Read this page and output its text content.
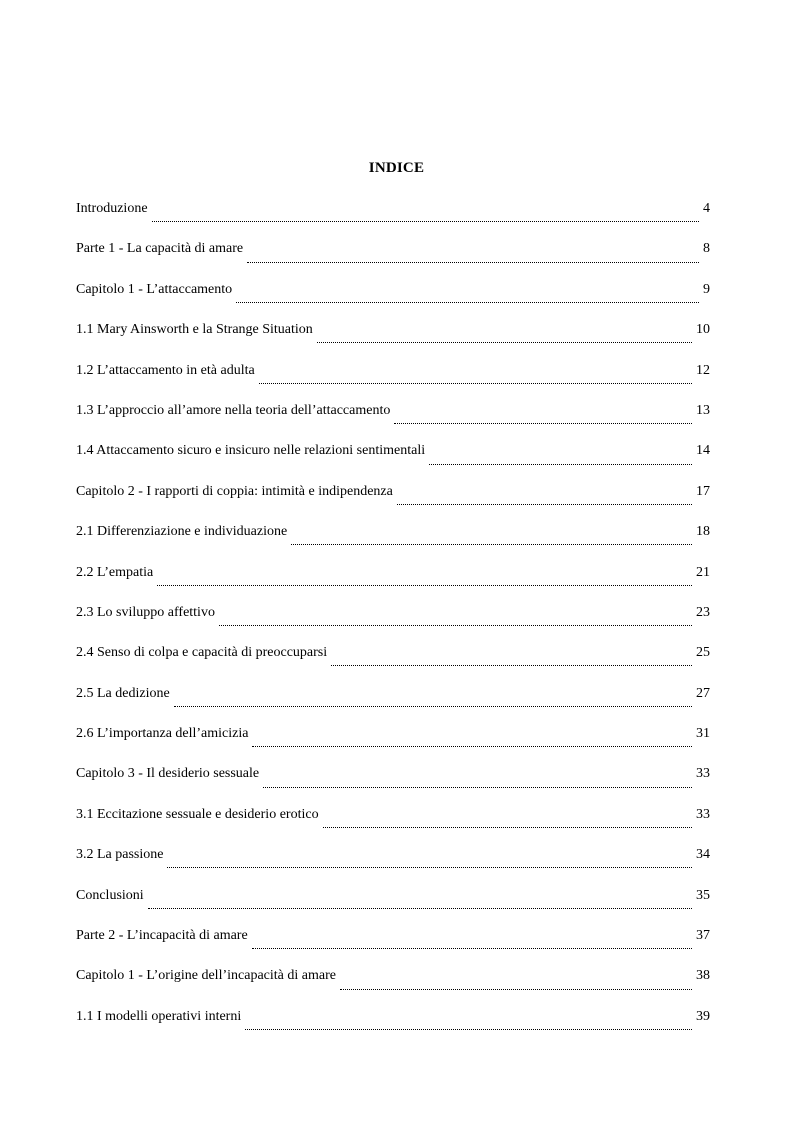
INDICE
Introduzione	4
Parte 1 - La capacità di amare	8
Capitolo 1 - L’attaccamento	9
1.1 Mary Ainsworth e la Strange Situation	10
1.2 L’attaccamento in età adulta	12
1.3 L’approccio all’amore nella teoria dell’attaccamento	13
1.4 Attaccamento sicuro e insicuro nelle relazioni sentimentali	14
Capitolo 2 - I rapporti di coppia: intimità e indipendenza	17
2.1 Differenziazione e individuazione	18
2.2 L’empatia	21
2.3 Lo sviluppo affettivo	23
2.4 Senso di colpa e capacità di preoccuparsi	25
2.5 La dedizione	27
2.6 L’importanza dell’amicizia	31
Capitolo 3 - Il desiderio sessuale	33
3.1 Eccitazione sessuale e desiderio erotico	33
3.2 La passione	34
Conclusioni	35
Parte 2 - L’incapacità di amare	37
Capitolo 1 - L’origine dell’incapacità di amare	38
1.1 I modelli operativi interni	39
